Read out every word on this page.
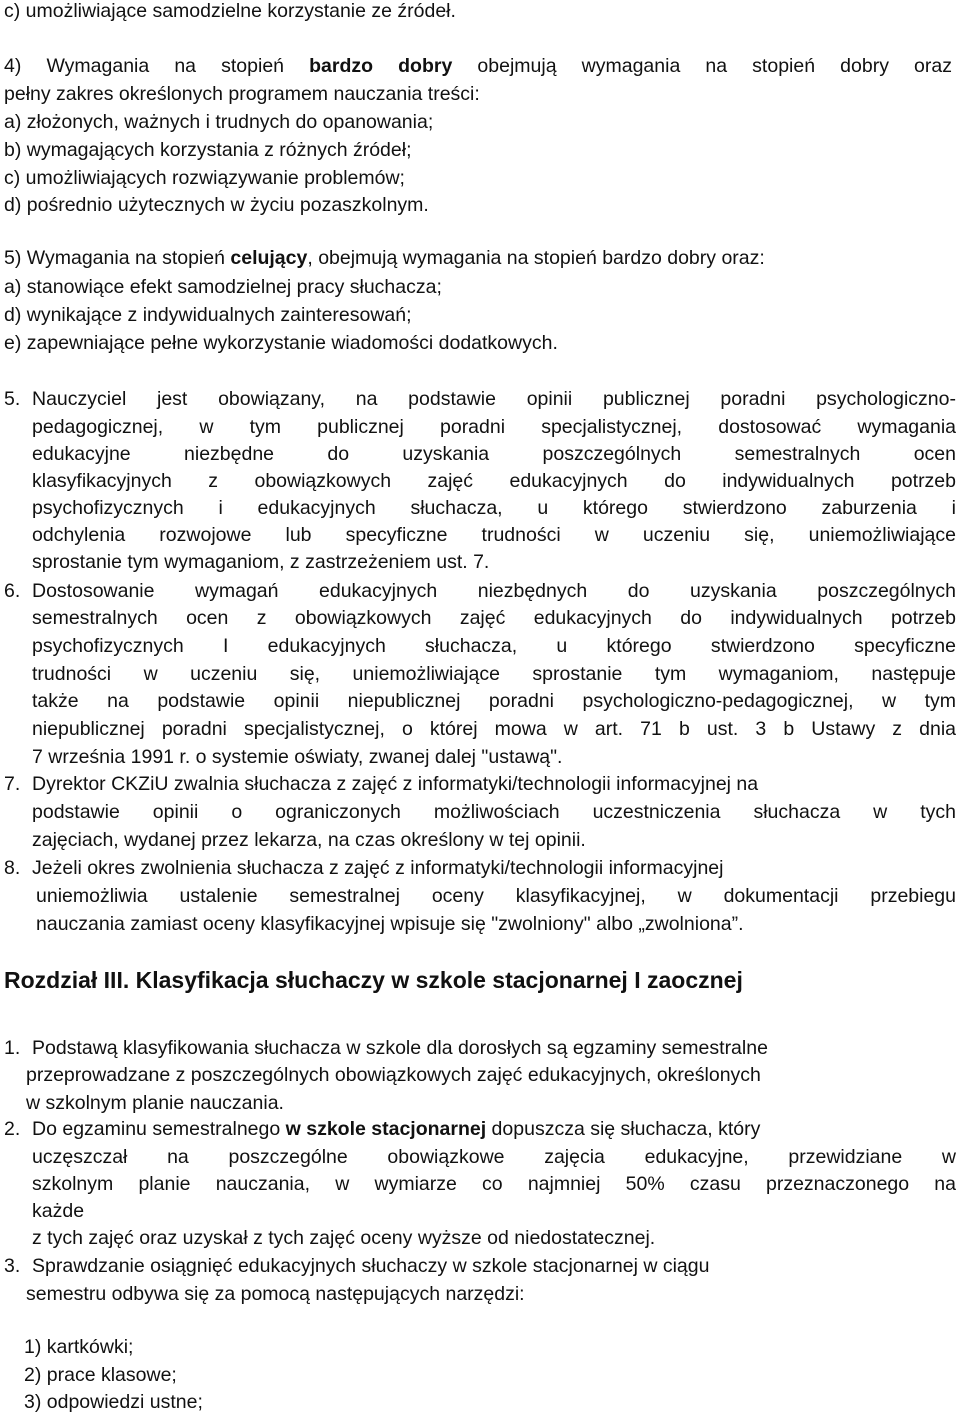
c) umożliwiające samodzielne korzystanie ze źródeł.
4) Wymagania na stopień bardzo dobry obejmują wymagania na stopień dobry oraz
pełny zakres określonych programem nauczania treści:
a) złożonych, ważnych i trudnych do opanowania;
b) wymagających korzystania z różnych źródeł;
c) umożliwiających rozwiązywanie problemów;
d) pośrednio użytecznych w życiu pozaszkolnym.
5) Wymagania na stopień celujący, obejmują wymagania na stopień bardzo dobry oraz:
a) stanowiące efekt samodzielnej pracy słuchacza;
d) wynikające z indywidualnych zainteresowań;
e) zapewniające pełne wykorzystanie wiadomości dodatkowych.
5. Nauczyciel jest obowiązany, na podstawie opinii publicznej poradni psychologiczno-
pedagogicznej, w tym publicznej poradni specjalistycznej, dostosować wymagania
edukacyjne niezbędne do uzyskania poszczególnych semestralnych ocen
klasyfikacyjnych z obowiązkowych zajęć edukacyjnych do indywidualnych potrzeb
psychofizycznych i edukacyjnych słuchacza, u którego stwierdzono zaburzenia i
odchylenia rozwojowe lub specyficzne trudności w uczeniu się, uniemożliwiające
sprostanie tym wymaganiom, z zastrzeżeniem ust. 7.
6. Dostosowanie wymagań edukacyjnych niezbędnych do uzyskania poszczególnych
semestralnych ocen z obowiązkowych zajęć edukacyjnych do indywidualnych potrzeb
psychofizycznych I edukacyjnych słuchacza, u którego stwierdzono specyficzne
trudności w uczeniu się, uniemożliwiające sprostanie tym wymaganiom, następuje
także na podstawie opinii niepublicznej poradni psychologiczno-pedagogicznej, w tym
niepublicznej poradni specjalistycznej, o której mowa w art. 71 b ust. 3 b Ustawy z dnia
7 września 1991 r. o systemie oświaty, zwanej dalej "ustawą".
7. Dyrektor CKZiU zwalnia słuchacza z zajęć z informatyki/technologii informacyjnej na
podstawie opinii o ograniczonych możliwościach uczestniczenia słuchacza w tych
zajęciach, wydanej przez lekarza, na czas określony w tej opinii.
8. Jeżeli okres zwolnienia słuchacza z zajęć z informatyki/technologii informacyjnej
uniemożliwia ustalenie semestralnej oceny klasyfikacyjnej, w dokumentacji przebiegu
nauczania zamiast oceny klasyfikacyjnej wpisuje się "zwolniony" albo „zwolniona”.
Rozdział III. Klasyfikacja słuchaczy w szkole stacjonarnej I zaocznej
1. Podstawą klasyfikowania słuchacza w szkole dla dorosłych są egzaminy semestralne
przeprowadzane z poszczególnych obowiązkowych zajęć edukacyjnych, określonych
w szkolnym planie nauczania.
2. Do egzaminu semestralnego w szkole stacjonarnej dopuszcza się słuchacza, który
uczęszczał na poszczególne obowiązkowe zajęcia edukacyjne, przewidziane w
szkolnym planie nauczania, w wymiarze co najmniej 50% czasu przeznaczonego na
każde
z tych zajęć oraz uzyskał z tych zajęć oceny wyższe od niedostatecznej.
3. Sprawdzanie osiągnięć edukacyjnych słuchaczy w szkole stacjonarnej w ciągu
semestru odbywa się za pomocą następujących narzędzi:
1) kartkówki;
2) prace klasowe;
3) odpowiedzi ustne;
